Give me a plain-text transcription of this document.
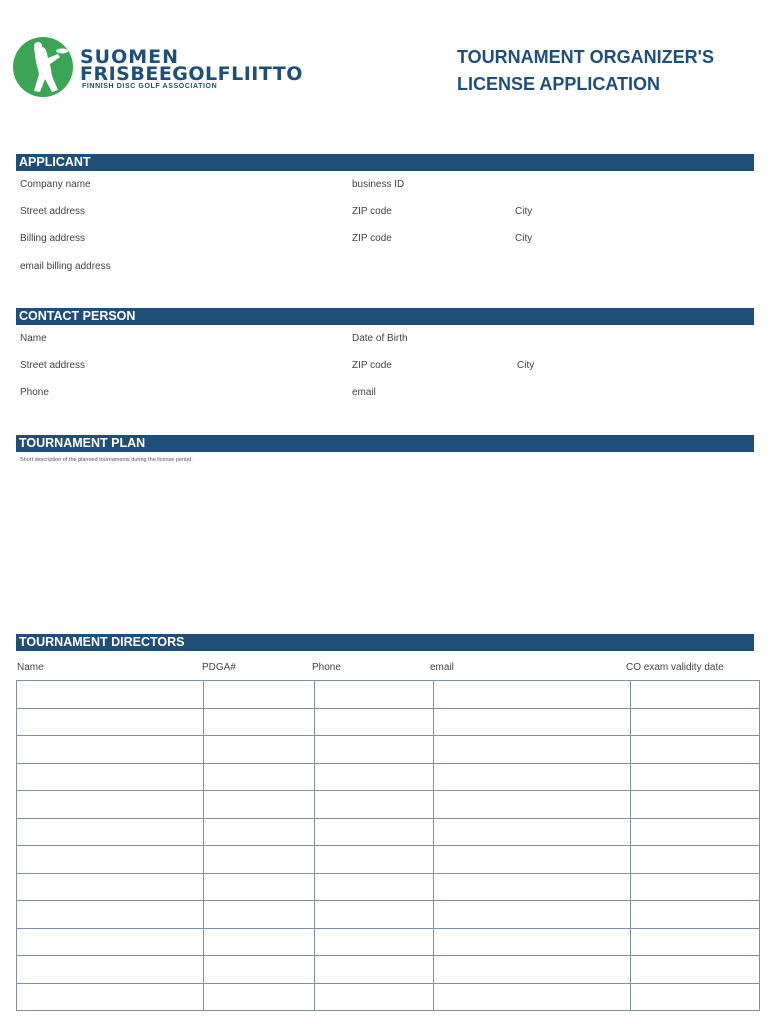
SUOMEN
FRISBEEGOLFLIITTO
FINNISH DISC GOLF ASSOCIATION
TOURNAMENT ORGANIZER'S
LICENSE APPLICATION
APPLICANT
Company name	business ID
Street address	ZIP code	City
Billing address	ZIP code	City
email billing address
CONTACT PERSON
Name	Date of Birth
Street address	ZIP code	City
Phone	email
TOURNAMENT PLAN
Short description of the planned tournaments during the license period.
TOURNAMENT DIRECTORS
Name	PDGA#	Phone	email	CO exam validity date
